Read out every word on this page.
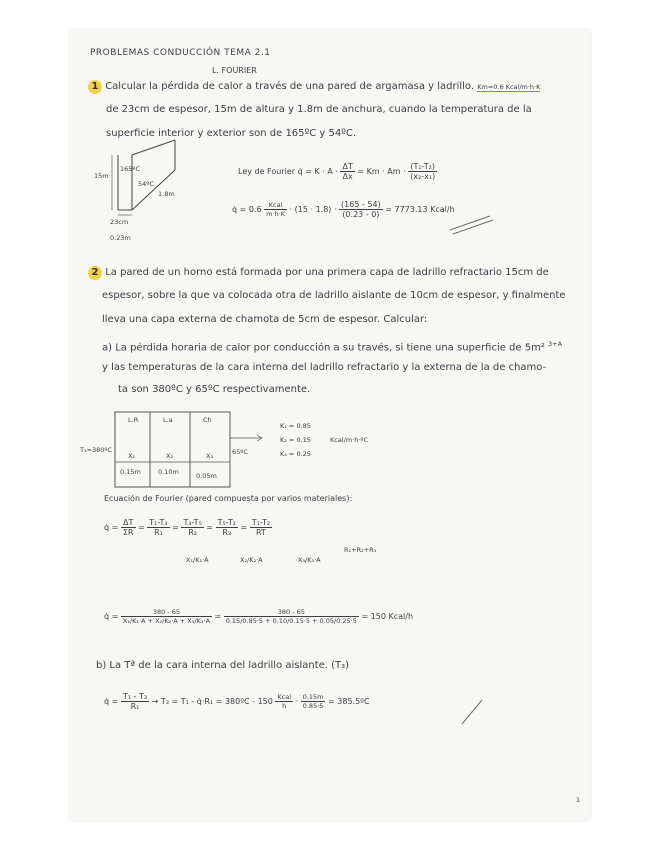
PROBLEMAS CONDUCCIÓN TEMA 2.1
L. FOURIER
1 Calcular la pérdida de calor a través de una pared de argamasa y ladrillo. Km=0.6 Kcal/m·h·K
de 23cm de espesor, 15m de altura y 1.8m de anchura, cuando la temperatura de la
superficie interior y exterior son de 165ºC y 54ºC.
15m
165ºC
54ºC
1.8m
23cm
0.23m
Ley de Fourier q̇ = $K \cdot A \cdot \frac{\Delta T}{\Delta x} = Km \cdot Am \cdot \frac{\text{(T₁-T₂)}}{\text{(x₂-x₁)}}$
q̇ = $0.6 \frac{\text{Kcal}}{m\cdot h\cdot K} \cdot (15 \cdot 1.8) \cdot \frac{(165 - 54)}{(0.23 - 0)} = 7773.13$ Kcal/h
2 La pared de un horno está formada por una primera capa de ladrillo refractario 15cm de
espesor, sobre la que va colocada otra de ladrillo aislante de 10cm de espesor, y finalmente
lleva una capa externa de chamota de 5cm de espesor. Calcular:
a) La pérdida horaria de calor por conducción a su través, si tiene una superficie de 5m² $^{3+A}$
y las temperaturas de la cara interna del ladrillo refractario y la externa de la de chamo-
ta son 380ºC y 65ºC respectivamente.
L.R	L.a	Ch
T₁=380ºC	65ºC
X₁	X₂	X₃
0.15m	0.10m	0.05m
K₁ = 0.85
K₂ = 0.15
K₃ = 0.25
Kcal/m·h·ºC
Ecuación de Fourier (pared compuesta por varios materiales):
q̇ = $\frac{\Delta T}{\Sigma R} = \frac{\text{T₁-T₃}}{\text{R₁}} = \frac{\text{T₃-T₅}}{\text{R₂}} = \frac{\text{T₅-T₂}}{\text{R₃}} = \frac{\text{T₁-T₂}}{RT}$
X₁/K₁·A	X₂/K₂·A	X₃/K₃·A
R₁+R₂+R₃
q̇ = $\frac{380 - 65}{\text{X₁/K₁·A + X₂/K₂·A + X₃/K₃·A}} = \frac{380 - 65}{0.15/0.85\cdot 5 + 0.10/0.15\cdot 5 + 0.05/0.25\cdot 5} = 150$ Kcal/h
b) La Tª de la cara interna del ladrillo aislante. (T₃)
q̇ = $\frac{\text{T₁ - T₃}}{\text{R₁}} \to T_3 = T_1$ - q̇·R₁ = 380ºC - $150 \frac{\text{Kcal}}{h} \cdot \frac{0.15m}{0.85\cdot 5}$ = 385.5ºC
1
